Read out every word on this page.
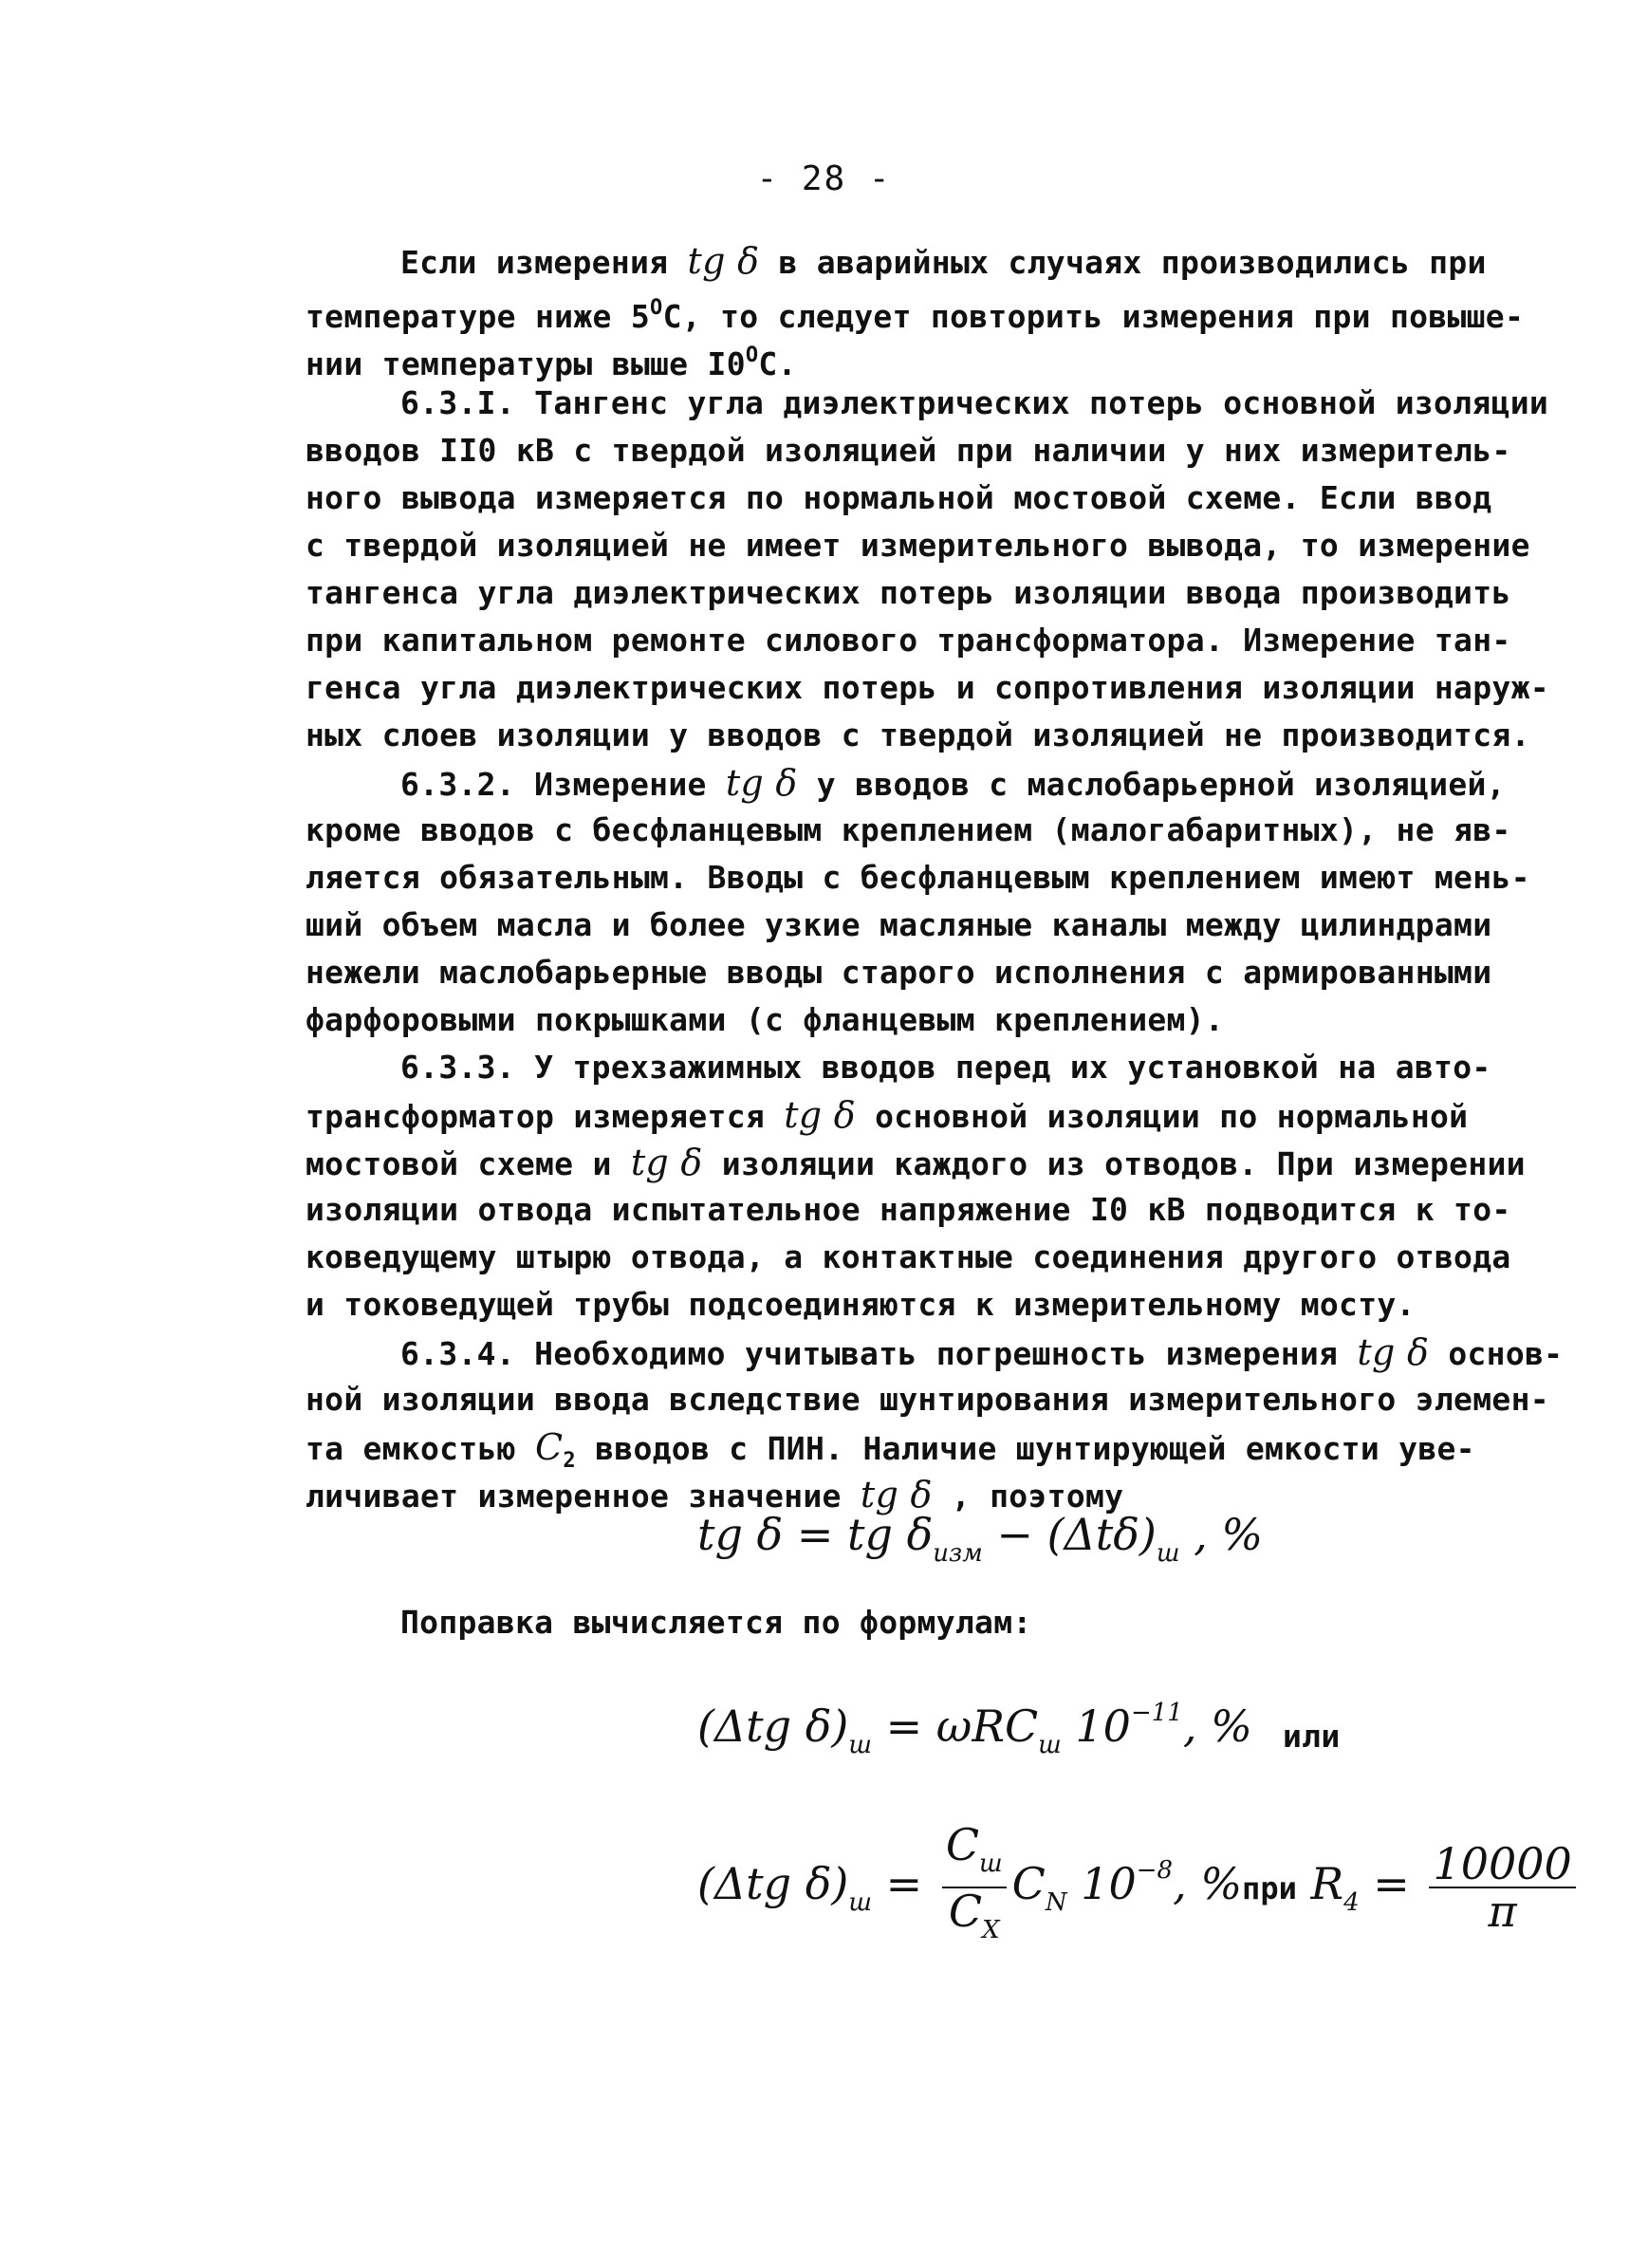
- 28 -
Если измерения tg δ в аварийных случаях производились при
температуре ниже $5^OС$, то следует повторить измерения при повыше-
нии температуры выше $I0^OС$.
6.3.I. Тангенс угла диэлектрических потерь основной изоляции
вводов II0 кВ с твердой изоляцией при наличии у них измеритель-
ного вывода измеряется по нормальной мостовой схеме. Если ввод
с твердой изоляцией не имеет измерительного вывода, то измерение
тангенса угла диэлектрических потерь изоляции ввода производить
при капитальном ремонте силового трансформатора. Измерение тан-
генса угла диэлектрических потерь и сопротивления изоляции наруж-
ных слоев изоляции у вводов с твердой изоляцией не производится.
6.3.2. Измерение tg δ у вводов с маслобарьерной изоляцией,
кроме вводов с бесфланцевым креплением (малогабаритных), не яв-
ляется обязательным. Вводы с бесфланцевым креплением имеют мень-
ший объем масла и более узкие масляные каналы между цилиндрами
нежели маслобарьерные вводы старого исполнения с армированными
фарфоровыми покрышками (с фланцевым креплением).
6.3.3. У трехзажимных вводов перед их установкой на авто-
трансформатор измеряется tg δ основной изоляции по нормальной
мостовой схеме и tg δ изоляции каждого из отводов. При измерении
изоляции отвода испытательное напряжение I0 кВ подводится к то-
коведущему штырю отвода, а контактные соединения другого отвода
и токоведущей трубы подсоединяются к измерительному мосту.
6.3.4. Необходимо учитывать погрешность измерения tg δ основ-
ной изоляции ввода вследствие шунтирования измерительного элемен-
та емкостью $C_2$ вводов с ПИН. Наличие шунтирующей емкости уве-
личивает измеренное значение tg δ , поэтому
tg δ = tg $\delta_{изм} - (\Delta t\delta)_ш$ , %
Поправка вычисляется по формулам:
(Δtg $\delta)_ш = \omega RC_ш$ $10^{-11}$, % или
(Δtg $\delta)_ш = \frac{C_ш}{C_X} C_N$ $10^{-8}$, %при $R_4 = \frac{10000}{\pi}$
